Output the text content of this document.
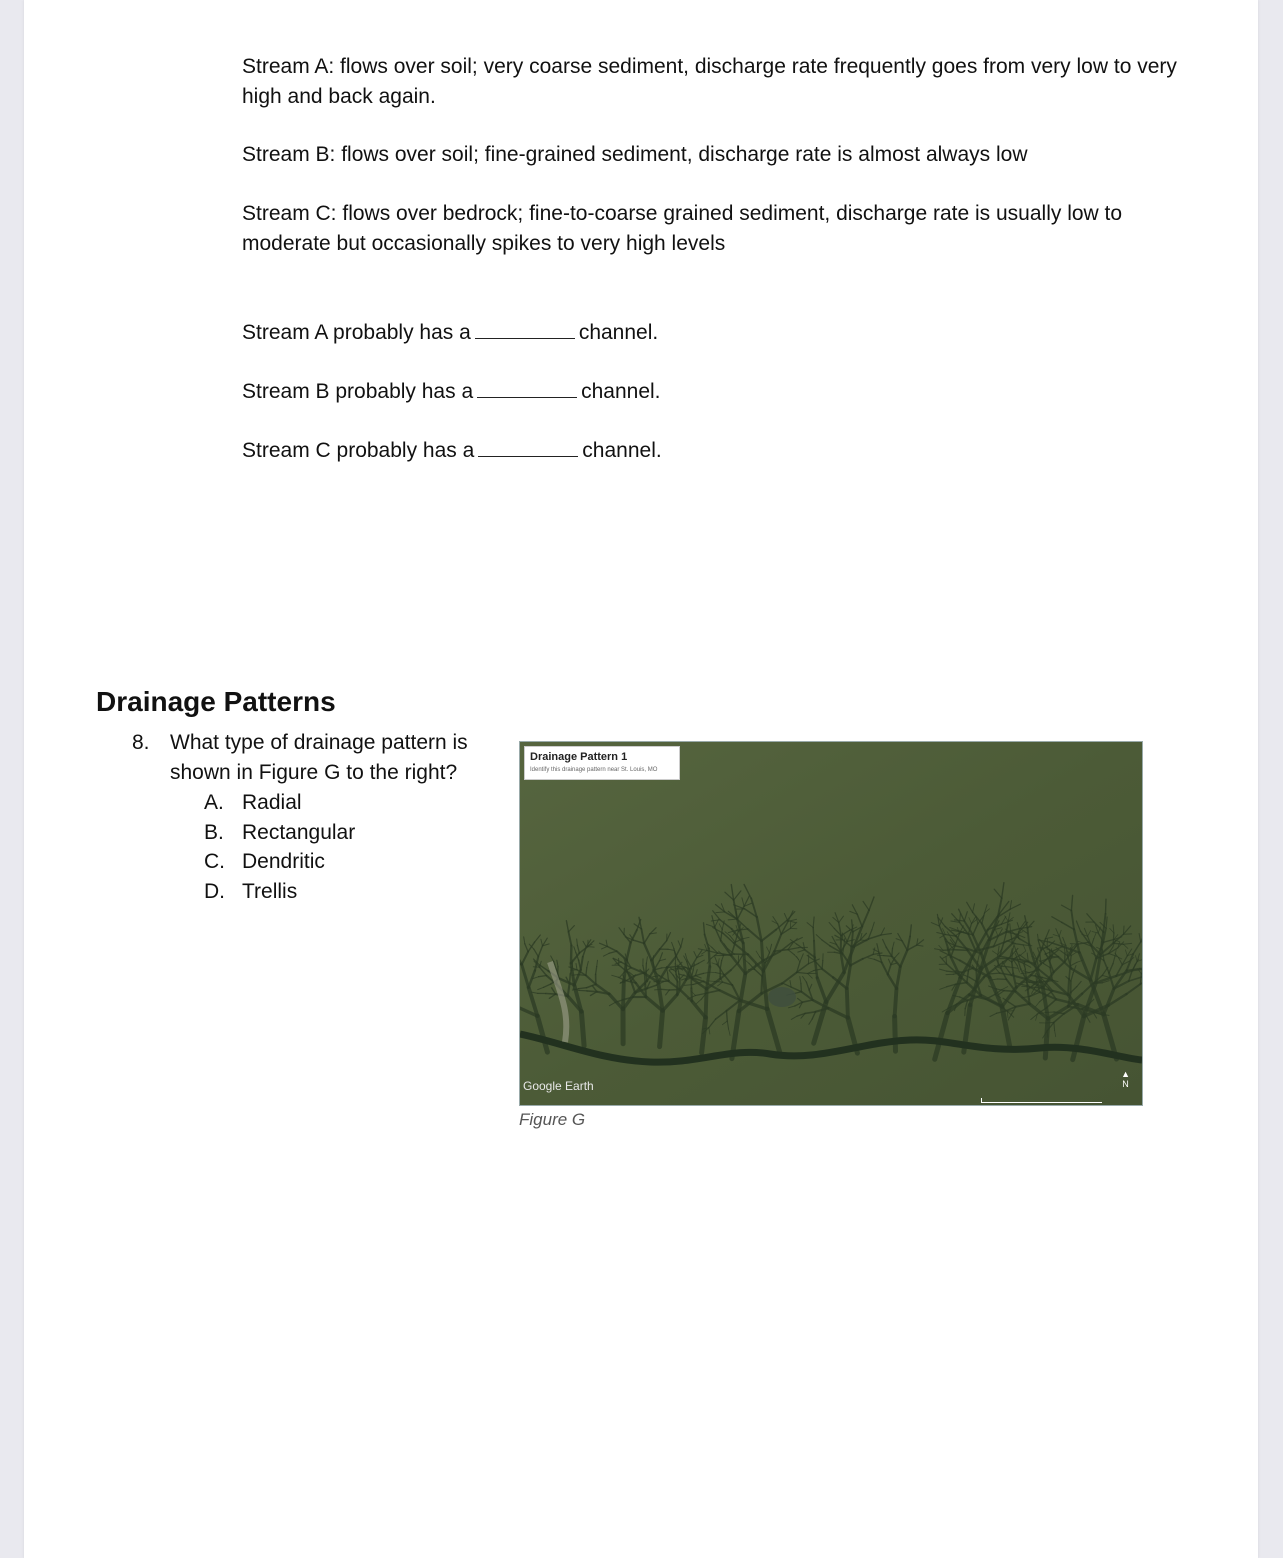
Stream A: flows over soil; very coarse sediment, discharge rate frequently goes from very low to very high and back again.

Stream B: flows over soil; fine-grained sediment, discharge rate is almost always low

Stream C: flows over bedrock; fine-to-coarse grained sediment, discharge rate is usually low to moderate but occasionally spikes to very high levels

Stream A probably has a	channel.
Stream B probably has a	channel.
Stream C probably has a	channel.
Drainage Patterns
8. What type of drainage pattern is shown in Figure G to the right?
A. Radial
B. Rectangular
C. Dendritic
D. Trellis
Drainage Pattern 1
Identify this drainage pattern near St. Louis, MO
Google Earth
▲
N
Figure G
